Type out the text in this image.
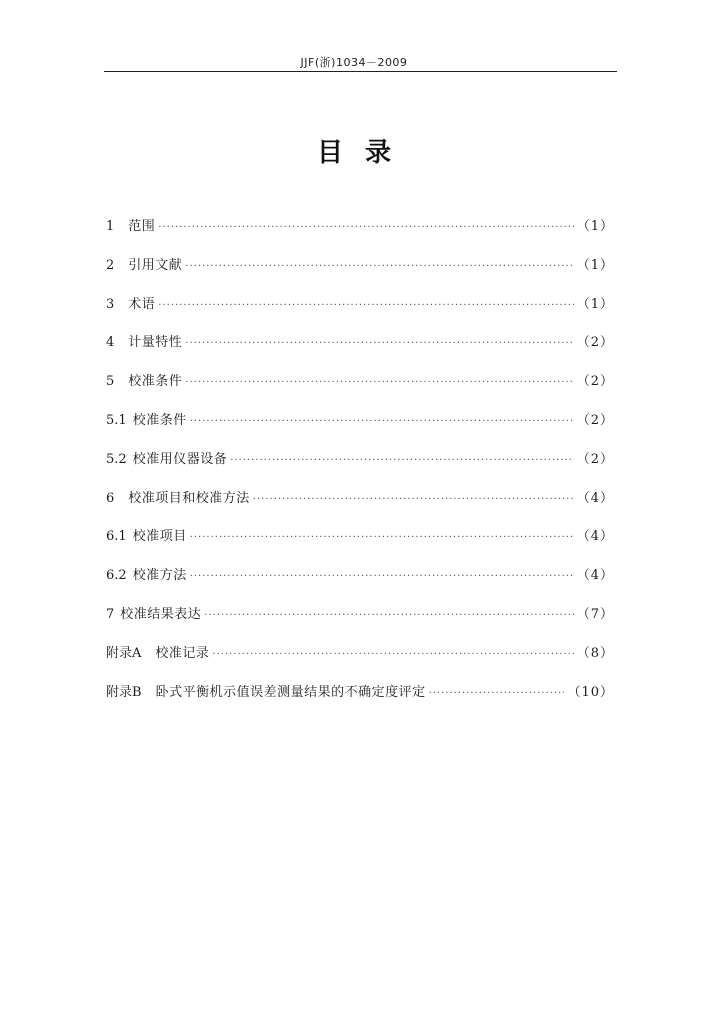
JJF(浙)1034－2009
目 录
1 范围 ·····	（1）
2 引用文献 ·····	（1）
3 术语 ·····	（1）
4 计量特性 ·····	（2）
5 校准条件 ·····	（2）
5.1 校准条件 ·····	（2）
5.2 校准用仪器设备 ·····	（2）
6 校准项目和校准方法 ·····	（4）
6.1 校准项目 ·····	（4）
6.2 校准方法 ·····	（4）
7 校准结果表达 ·····	（7）
附录A 校准记录 ·····	（8）
附录B 卧式平衡机示值误差测量结果的不确定度评定 ·····	（10）
